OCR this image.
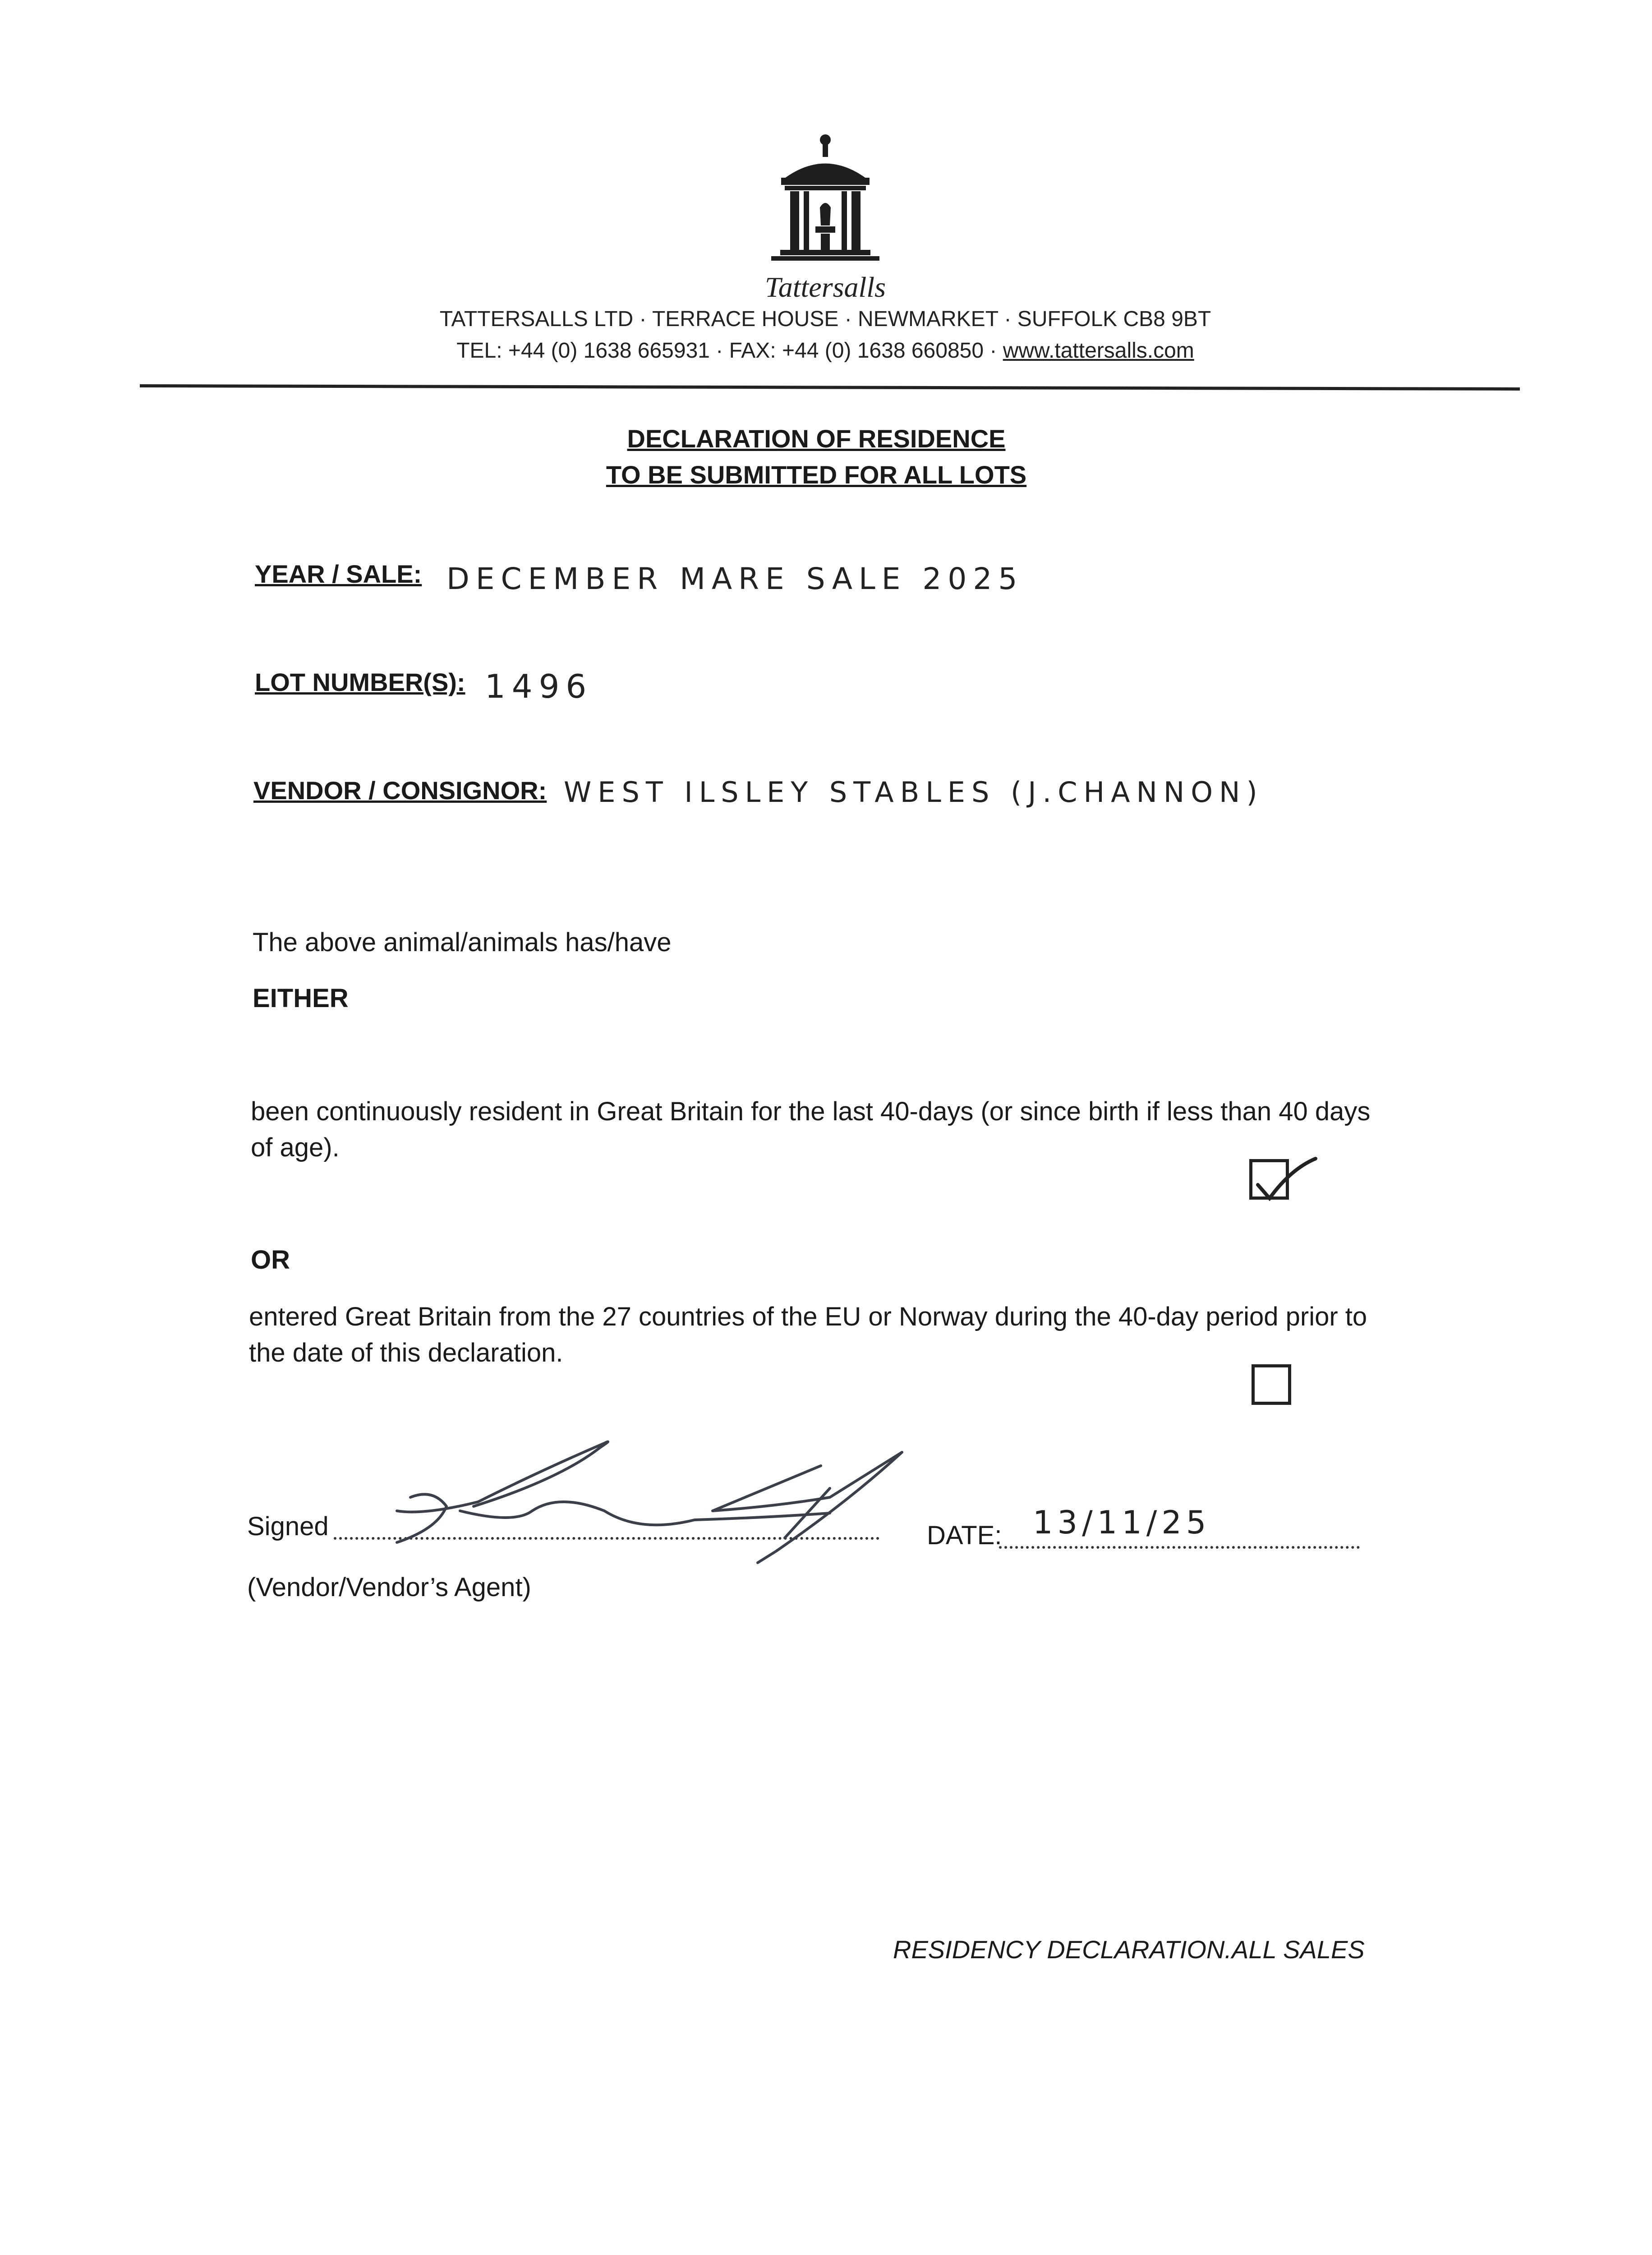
Tattersalls
TATTERSALLS LTD · TERRACE HOUSE · NEWMARKET · SUFFOLK CB8 9BT
TEL: +44 (0) 1638 665931 · FAX: +44 (0) 1638 660850 · www.tattersalls.com
DECLARATION OF RESIDENCE
TO BE SUBMITTED FOR ALL LOTS
YEAR / SALE: DECEMBER MARE SALE 2025
LOT NUMBER(S): 1496
VENDOR / CONSIGNOR: WEST ILSLEY STABLES (J.CHANNON)
The above animal/animals has/have
EITHER
been continuously resident in Great Britain for the last 40-days (or since birth if less than 40 days of age).
OR
entered Great Britain from the 27 countries of the EU or Norway during the 40-day period prior to the date of this declaration.
Signed
(Vendor/Vendor’s Agent)
DATE: 13/11/25
RESIDENCY DECLARATION.ALL SALES
